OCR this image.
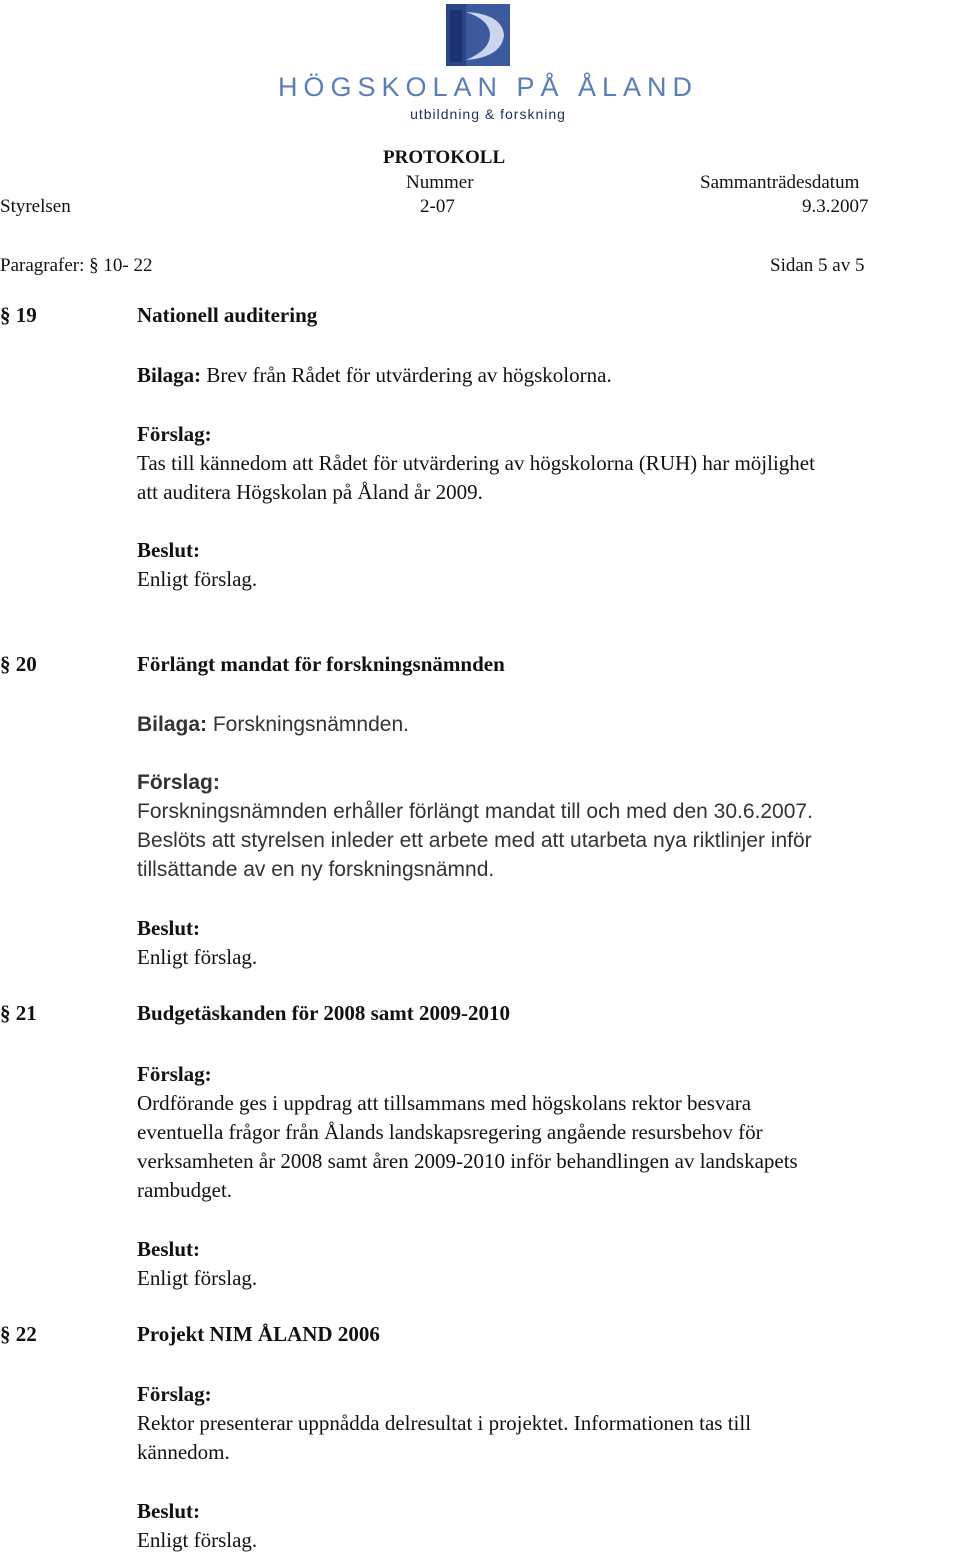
HÖGSKOLAN PÅ ÅLAND
utbildning & forskning
PROTOKOLL
Nummer	Sammanträdesdatum
Styrelsen	2-07	9.3.2007
Paragrafer: § 10- 22	Sidan 5 av 5
§ 19	Nationell auditering
Bilaga: Brev från Rådet för utvärdering av högskolorna.
Förslag:
Tas till kännedom att Rådet för utvärdering av högskolorna (RUH) har möjlighet
att auditera Högskolan på Åland år 2009.
Beslut:
Enligt förslag.
§ 20	Förlängt mandat för forskningsnämnden
Bilaga: Forskningsnämnden.
Förslag:
Forskningsnämnden erhåller förlängt mandat till och med den 30.6.2007.
Beslöts att styrelsen inleder ett arbete med att utarbeta nya riktlinjer inför
tillsättande av en ny forskningsnämnd.
Beslut:
Enligt förslag.
§ 21	Budgetäskanden för 2008 samt 2009-2010
Förslag:
Ordförande ges i uppdrag att tillsammans med högskolans rektor besvara
eventuella frågor från Ålands landskapsregering angående resursbehov för
verksamheten år 2008 samt åren 2009-2010 inför behandlingen av landskapets
rambudget.
Beslut:
Enligt förslag.
§ 22	Projekt NIM ÅLAND 2006
Förslag:
Rektor presenterar uppnådda delresultat i projektet. Informationen tas till
kännedom.
Beslut:
Enligt förslag.
